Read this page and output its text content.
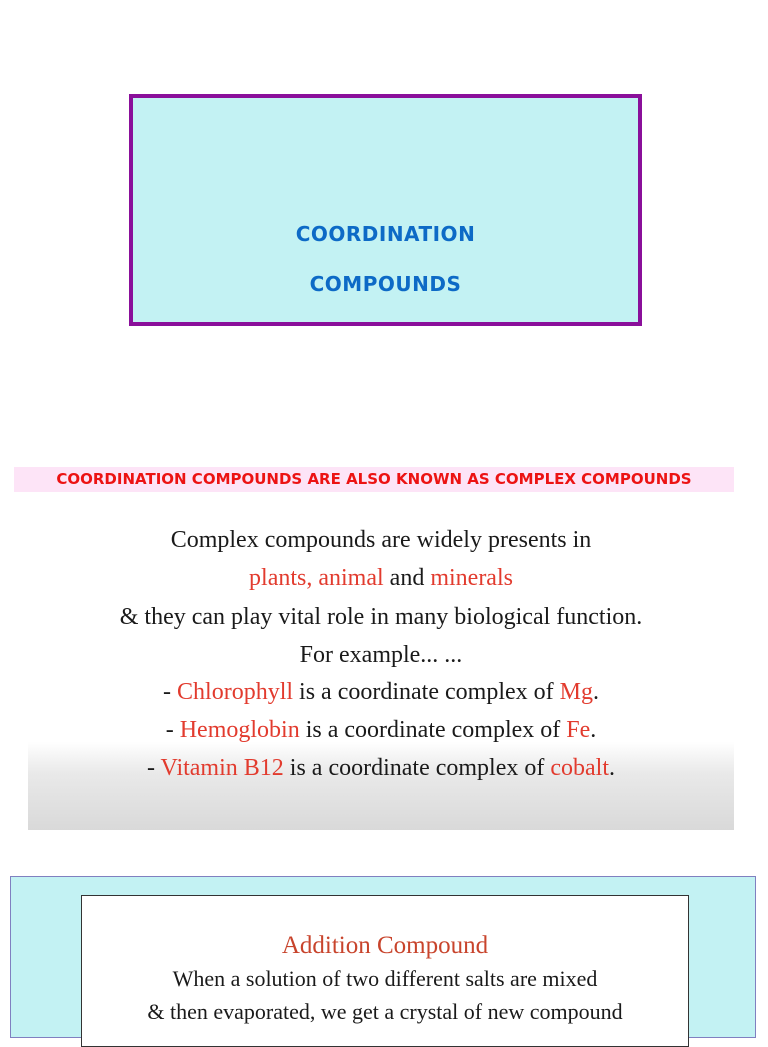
COORDINATION
COMPOUNDS
COORDINATION COMPOUNDS ARE ALSO KNOWN AS COMPLEX COMPOUNDS
Complex compounds are widely presents in
plants, animal and minerals
& they can play vital role in many biological function.
For example... ...
- Chlorophyll is a coordinate complex of Mg.
- Hemoglobin is a coordinate complex of Fe.
- Vitamin B12 is a coordinate complex of cobalt.
Addition Compound
When a solution of two different salts are mixed
& then evaporated, we get a crystal of new compound
